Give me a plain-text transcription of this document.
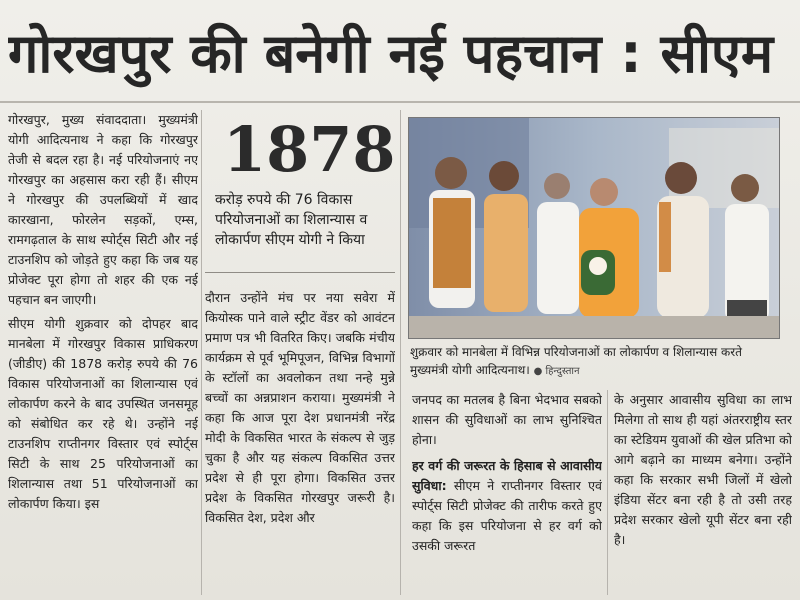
गोरखपुर की बनेगी नई पहचान : सीएम

गोरखपुर, मुख्य संवाददाता। मुख्यमंत्री योगी आदित्यनाथ ने कहा कि गोरखपुर तेजी से बदल रहा है। नई परियोजनाएं नए गोरखपुर का अहसास करा रही हैं। सीएम ने गोरखपुर की उपलब्धियों में खाद कारखाना, फोरलेन सड़कों, एम्स, रामगढ़ताल के साथ स्पोर्ट्स सिटी और नई टाउनशिप को जोड़ते हुए कहा कि जब यह प्रोजेक्ट पूरा होगा तो शहर की एक नई पहचान बन जाएगी।

सीएम योगी शुक्रवार को दोपहर बाद मानबेला में गोरखपुर विकास प्राधिकरण (जीडीए) की 1878 करोड़ रुपये की 76 विकास परियोजनाओं का शिलान्यास एवं लोकार्पण करने के बाद उपस्थित जनसमूह को संबोधित कर रहे थे। उन्होंने नई टाउनशिप राप्तीनगर विस्तार एवं स्पोर्ट्स सिटी के साथ 25 परियोजनाओं का शिलान्यास तथा 51 परियोजनाओं का लोकार्पण किया। इस

1878
करोड़ रुपये की 76 विकास परियोजनाओं का शिलान्यास व लोकार्पण सीएम योगी ने किया
दौरान उन्होंने मंच पर नया सवेरा में कियोस्क पाने वाले स्ट्रीट वेंडर को आवंटन प्रमाण पत्र भी वितरित किए। जबकि मंचीय कार्यक्रम से पूर्व भूमिपूजन, विभिन्न विभागों के स्टॉलों का अवलोकन तथा नन्हे मुन्ने बच्चों का अन्नप्राशन कराया। मुख्यमंत्री ने कहा कि आज पूरा देश प्रधानमंत्री नरेंद्र मोदी के विकसित भारत के संकल्प से जुड़ चुका है और यह संकल्प विकसित उत्तर प्रदेश से ही पूरा होगा। विकसित उत्तर प्रदेश के विकसित गोरखपुर जरूरी है। विकसित देश, प्रदेश और
शुक्रवार को मानबेला में विभिन्न परियोजनाओं का लोकार्पण व शिलान्यास करते मुख्यमंत्री योगी आदित्यनाथ। ● हिन्दुस्तान
जनपद का मतलब है बिना भेदभाव सबको शासन की सुविधाओं का लाभ सुनिश्चित होना।
हर वर्ग की जरूरत के हिसाब से आवासीय सुविधा: सीएम ने राप्तीनगर विस्तार एवं स्पोर्ट्स सिटी प्रोजेक्ट की तारीफ करते हुए कहा कि इस परियोजना से हर वर्ग को उसकी जरूरत
के अनुसार आवासीय सुविधा का लाभ मिलेगा तो साथ ही यहां अंतरराष्ट्रीय स्तर का स्टेडियम युवाओं की खेल प्रतिभा को आगे बढ़ाने का माध्यम बनेगा। उन्होंने कहा कि सरकार सभी जिलों में खेलो इंडिया सेंटर बना रही है तो उसी तरह प्रदेश सरकार खेलो यूपी सेंटर बना रही है।
